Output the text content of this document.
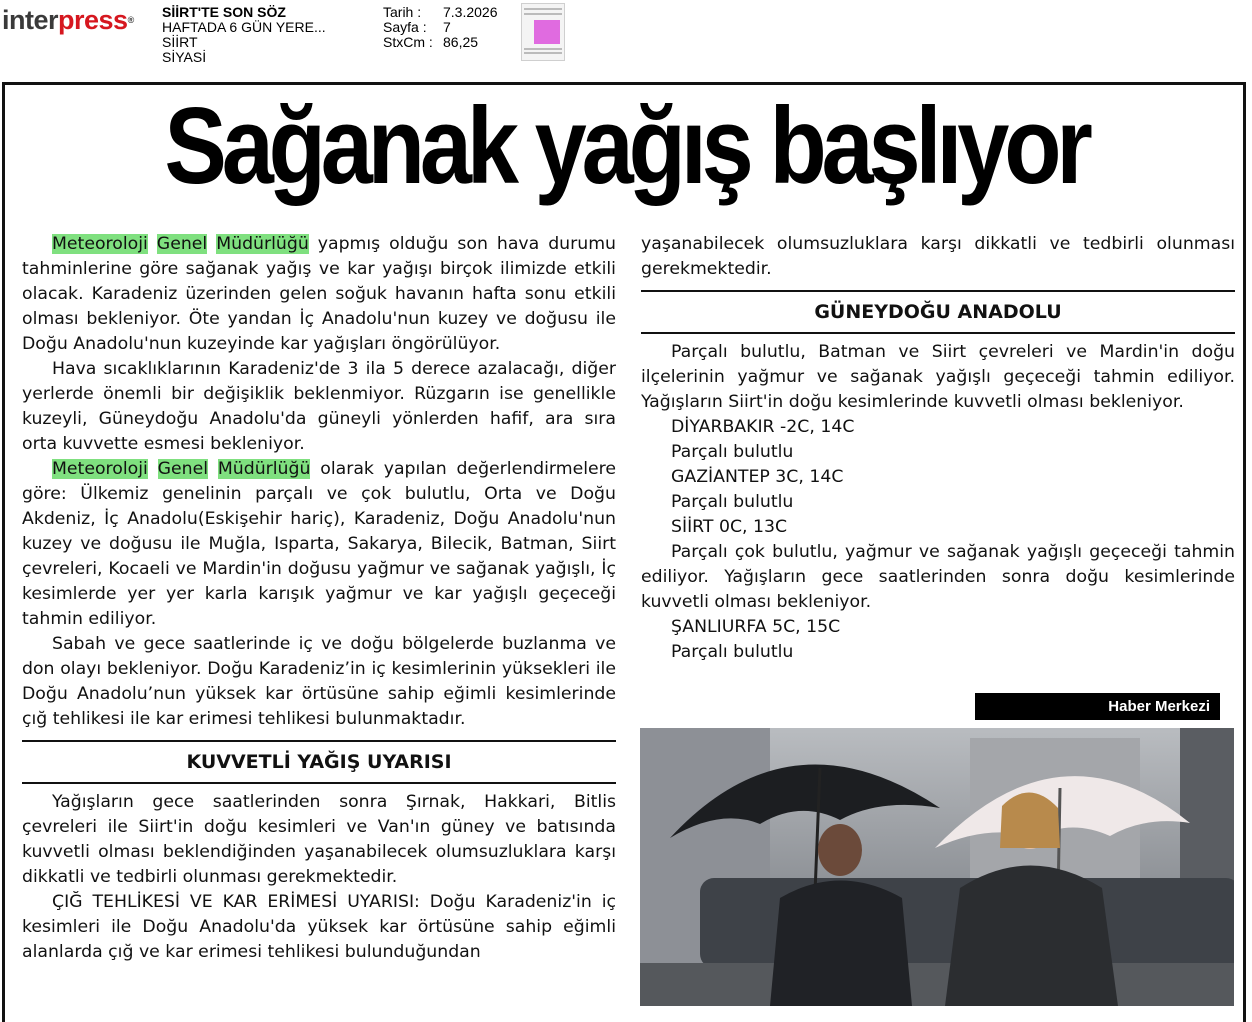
interpress® SİİRT'TE SON SÖZ
HAFTADA 6 GÜN YERE...
SİİRT
SİYASİ
Tarih :	7.3.2026
Sayfa :	7
StxCm : 86,25
Sağanak yağış başlıyor

Meteoroloji Genel Müdürlüğü yapmış olduğu son hava durumu tahminlerine göre sağanak yağış ve kar yağışı birçok ilimizde etkili olacak. Karadeniz üzerinden gelen soğuk havanın hafta sonu etkili olması bekleniyor. Öte yandan İç Anadolu'nun kuzey ve doğusu ile Doğu Anadolu'nun kuzeyinde kar yağışları öngörülüyor.

Hava sıcaklıklarının Karadeniz'de 3 ila 5 derece azalacağı, diğer yerlerde önemli bir değişiklik beklenmiyor. Rüzgarın ise genellikle kuzeyli, Güneydoğu Anadolu'da güneyli yönlerden hafif, ara sıra orta kuvvette esmesi bekleniyor.

Meteoroloji Genel Müdürlüğü olarak yapılan değerlendirmelere göre: Ülkemiz genelinin parçalı ve çok bulutlu, Orta ve Doğu Akdeniz, İç Anadolu(Eskişehir hariç), Karadeniz, Doğu Anadolu'nun kuzey ve doğusu ile Muğla, Isparta, Sakarya, Bilecik, Batman, Siirt çevreleri, Kocaeli ve Mardin'in doğusu yağmur ve sağanak yağışlı, İç kesimlerde yer yer karla karışık yağmur ve kar yağışlı geçeceği tahmin ediliyor.

Sabah ve gece saatlerinde iç ve doğu bölgelerde buzlanma ve don olayı bekleniyor. Doğu Karadeniz’in iç kesimlerinin yüksekleri ile Doğu Anadolu’nun yüksek kar örtüsüne sahip eğimli kesimlerinde çığ tehlikesi ile kar erimesi tehlikesi bulunmaktadır.

KUVVETLİ YAĞIŞ UYARISI

Yağışların gece saatlerinden sonra Şırnak, Hakkari, Bitlis çevreleri ile Siirt'in doğu kesimleri ve Van'ın güney ve batısında kuvvetli olması beklendiğinden yaşanabilecek olumsuzluklara karşı dikkatli ve tedbirli olunması gerekmektedir.

ÇIĞ TEHLİKESİ VE KAR ERİMESİ UYARISI: Doğu Karadeniz'in iç kesimleri ile Doğu Anadolu'da yüksek kar örtüsüne sahip eğimli alanlarda çığ ve kar erimesi tehlikesi bulunduğundan

yaşanabilecek olumsuzluklara karşı dikkatli ve tedbirli olunması gerekmektedir.

GÜNEYDOĞU ANADOLU

Parçalı bulutlu, Batman ve Siirt çevreleri ve Mardin'in doğu ilçelerinin yağmur ve sağanak yağışlı geçeceği tahmin ediliyor. Yağışların Siirt'in doğu kesimlerinde kuvvetli olması bekleniyor.

DİYARBAKIR -2C, 14C

Parçalı bulutlu

GAZİANTEP 3C, 14C

Parçalı bulutlu

SİİRT 0C, 13C

Parçalı çok bulutlu, yağmur ve sağanak yağışlı geçeceği tahmin ediliyor. Yağışların gece saatlerinden sonra doğu kesimlerinde kuvvetli olması bekleniyor.

ŞANLIURFA 5C, 15C

Parçalı bulutlu

Haber Merkezi
